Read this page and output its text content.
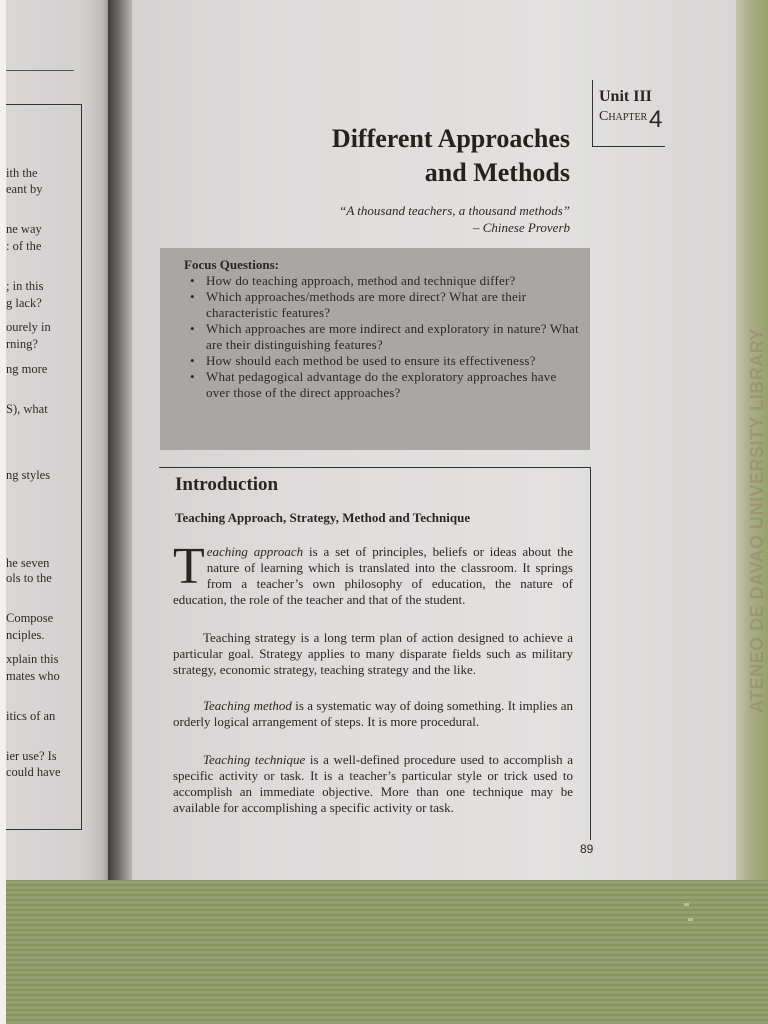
ith the
eant by
ne way
: of the
; in this
g lack?
ourely in
rning?
ng more
S), what
ng styles
he seven
ols to the
Compose
nciples.
xplain this
mates who
itics of an
ier use? Is
could have
ATENEO DE DAVAO UNIVERSITY LIBRARY
Unit III
Chapter 4
Different Approaches
and Methods
“A thousand teachers, a thousand methods”
– Chinese Proverb
Focus Questions:
• How do teaching approach, method and technique differ?
• Which approaches/methods are more direct? What are their characteristic features?
• Which approaches are more indirect and exploratory in nature? What are their distinguishing features?
• How should each method be used to ensure its effectiveness?
• What pedagogical advantage do the exploratory approaches have over those of the direct approaches?
Introduction
Teaching Approach, Strategy, Method and Technique
Teaching approach is a set of principles, beliefs or ideas about the nature of learning which is translated into the classroom. It springs from a teacher’s own philosophy of education, the nature of education, the role of the teacher and that of the student.
Teaching strategy is a long term plan of action designed to achieve a particular goal. Strategy applies to many disparate fields such as military strategy, economic strategy, teaching strategy and the like.
Teaching method is a systematic way of doing something. It implies an orderly logical arrangement of steps. It is more procedural.
Teaching technique is a well-defined procedure used to accomplish a specific activity or task. It is a teacher’s particular style or trick used to accomplish an immediate objective. More than one technique may be available for accomplishing a specific activity or task.
89
